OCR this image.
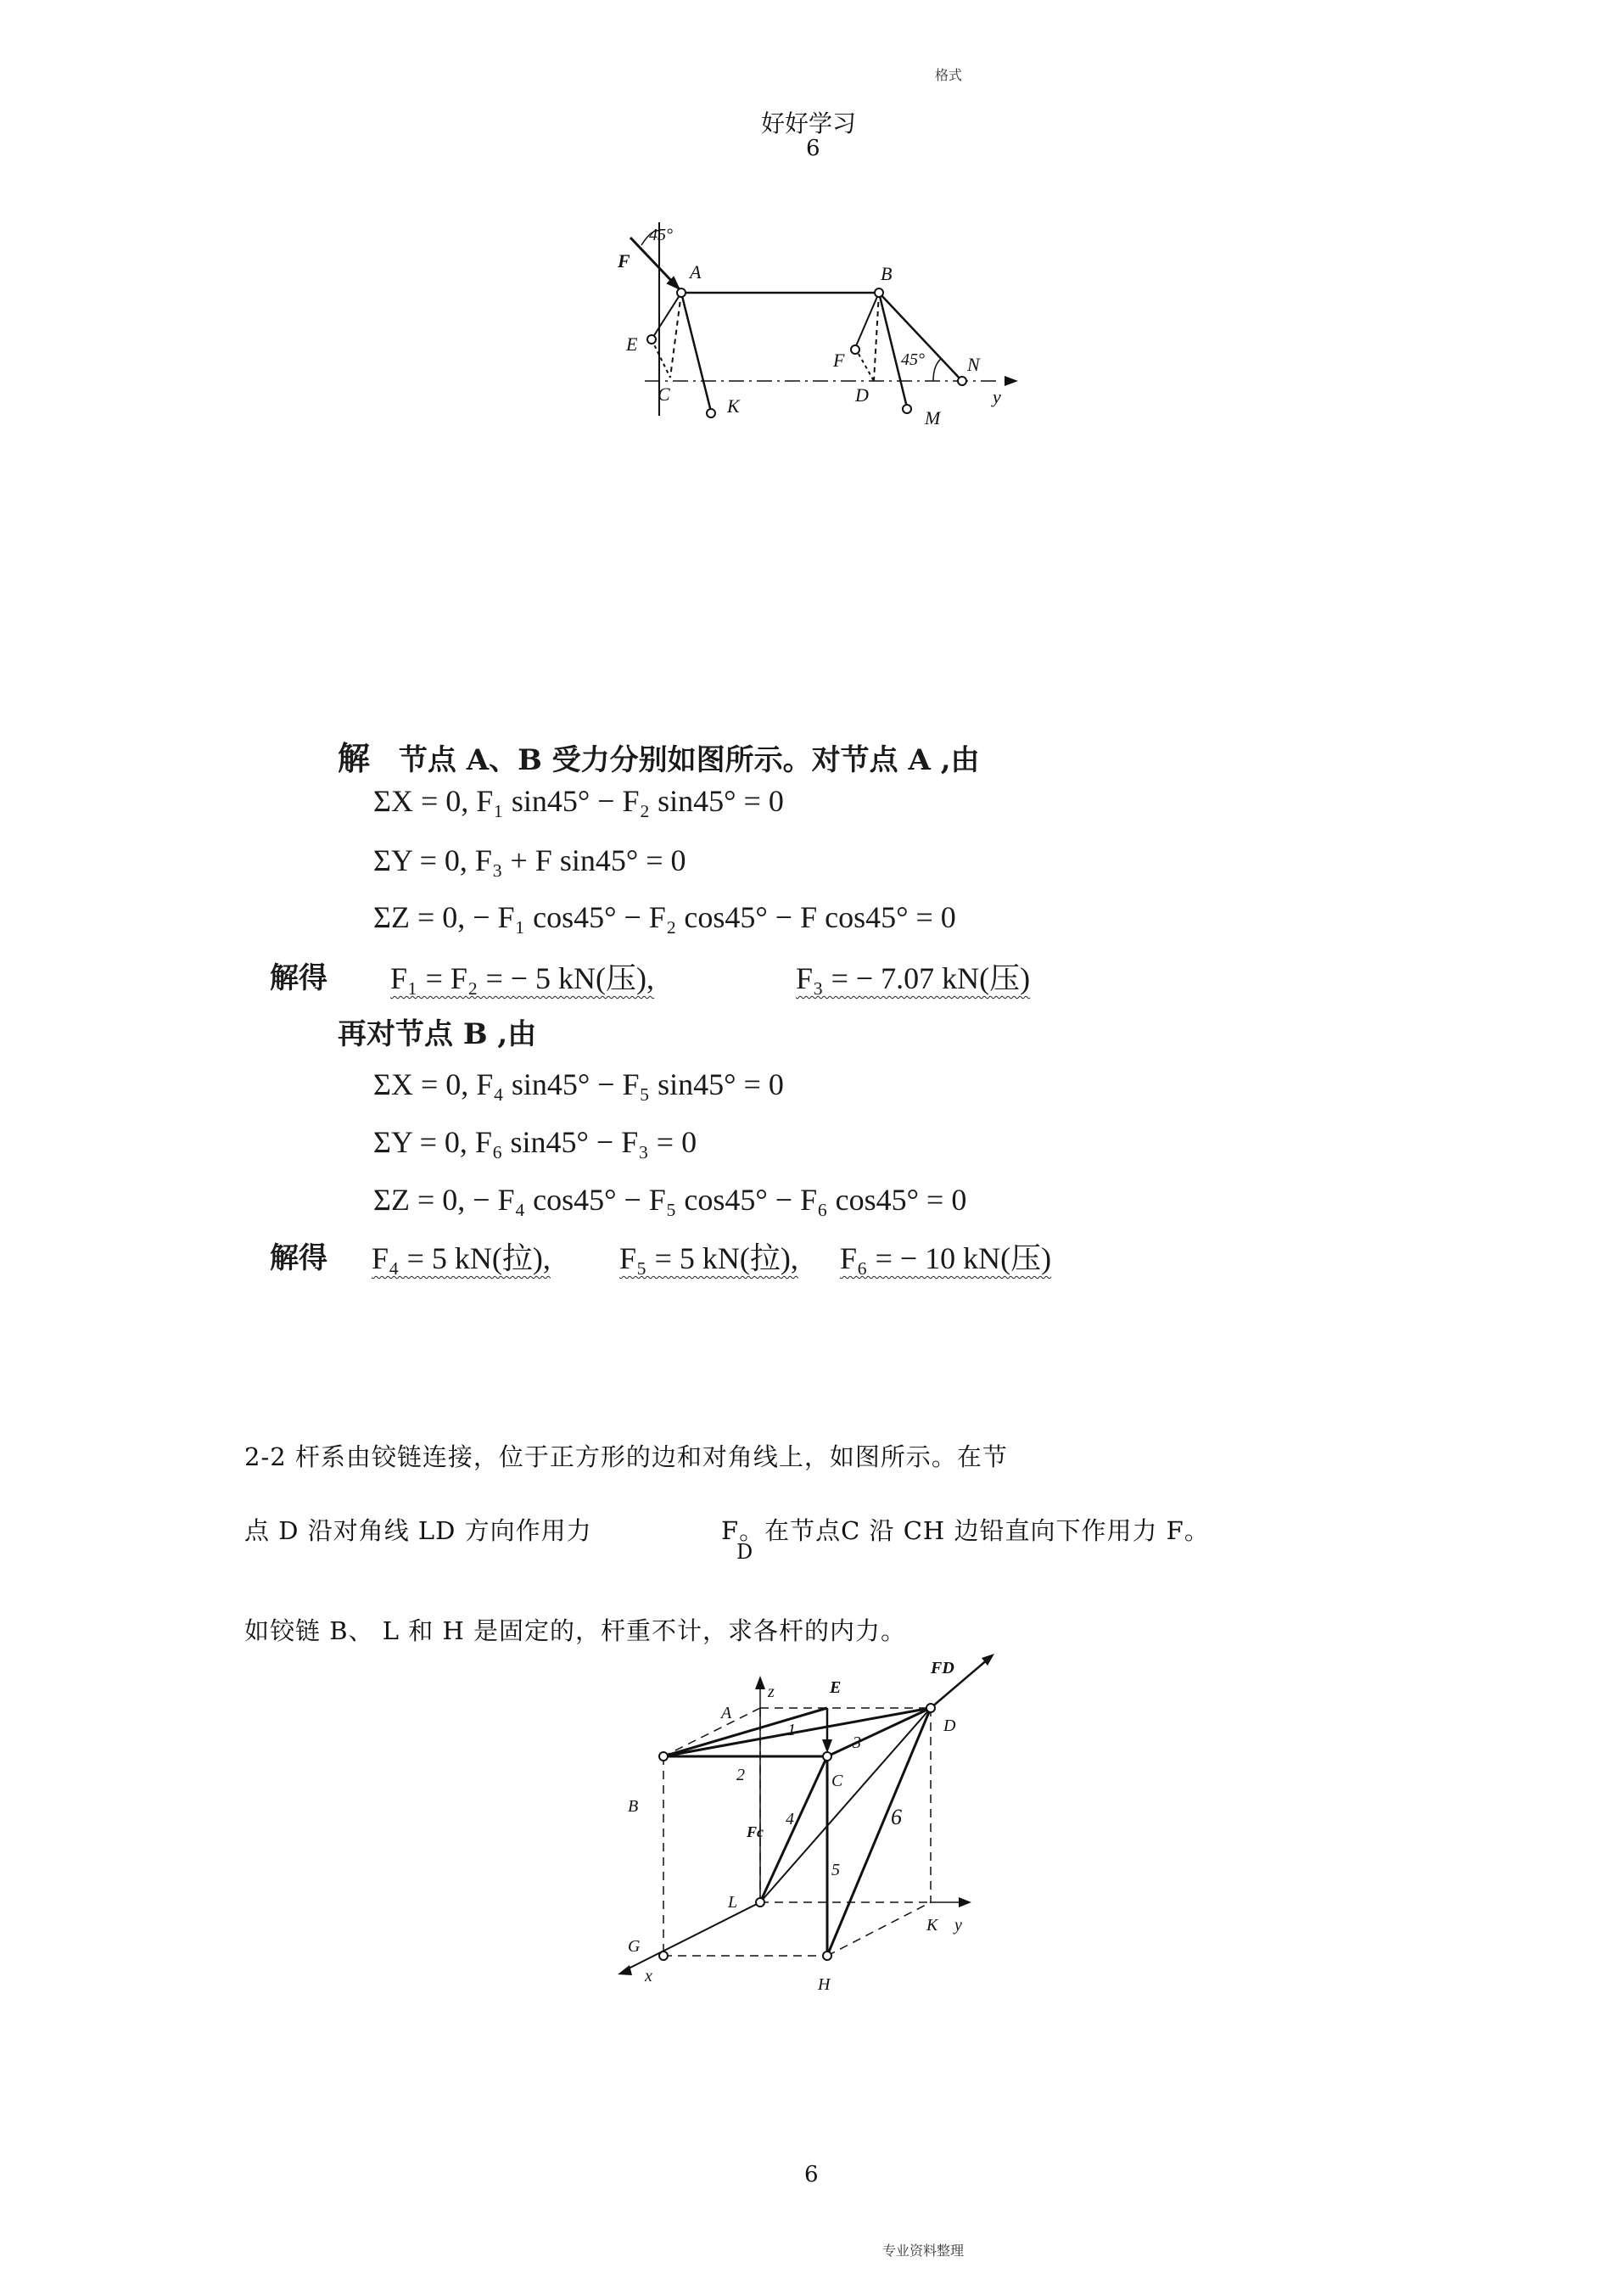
格式
好好学习
6
45°
F
A	B
E
C
K
F
D
45° N
M
y
解 节点 A、B 受力分别如图所示。对节点 A ,由
ΣX = 0, F₁ sin45° − F₂ sin45° = 0
ΣY = 0, F₃ + F sin45° = 0
ΣZ = 0, − F₁ cos45° − F₂ cos45° − F cos45° = 0
解得 F₁ = F₂ = − 5 kN(压),	F₃ = − 7.07 kN(压)
再对节点 B ,由
ΣX = 0, F₄ sin45° − F₅ sin45° = 0
ΣY = 0, F₆ sin45° − F₃ = 0
ΣZ = 0, − F₄ cos45° − F₅ cos45° − F₆ cos45° = 0
解得 F₄ = 5 kN(拉), F₅ = 5 kN(拉), F₆ = − 10 kN(压)
2-2 杆系由铰链连接，位于正方形的边和对角线上，如图所示。在节
点 D 沿对角线 LD 方向作用力	F。在节点C 沿 CH 边铅直向下作用力 F。
D
如铰链 B、 L 和 H 是固定的，杆重不计，求各杆的内力。
A
z	E
FD
D
1
3
B
2	C
Fc
4	6
5
L
K y
G
x	H
6
专业资料整理
